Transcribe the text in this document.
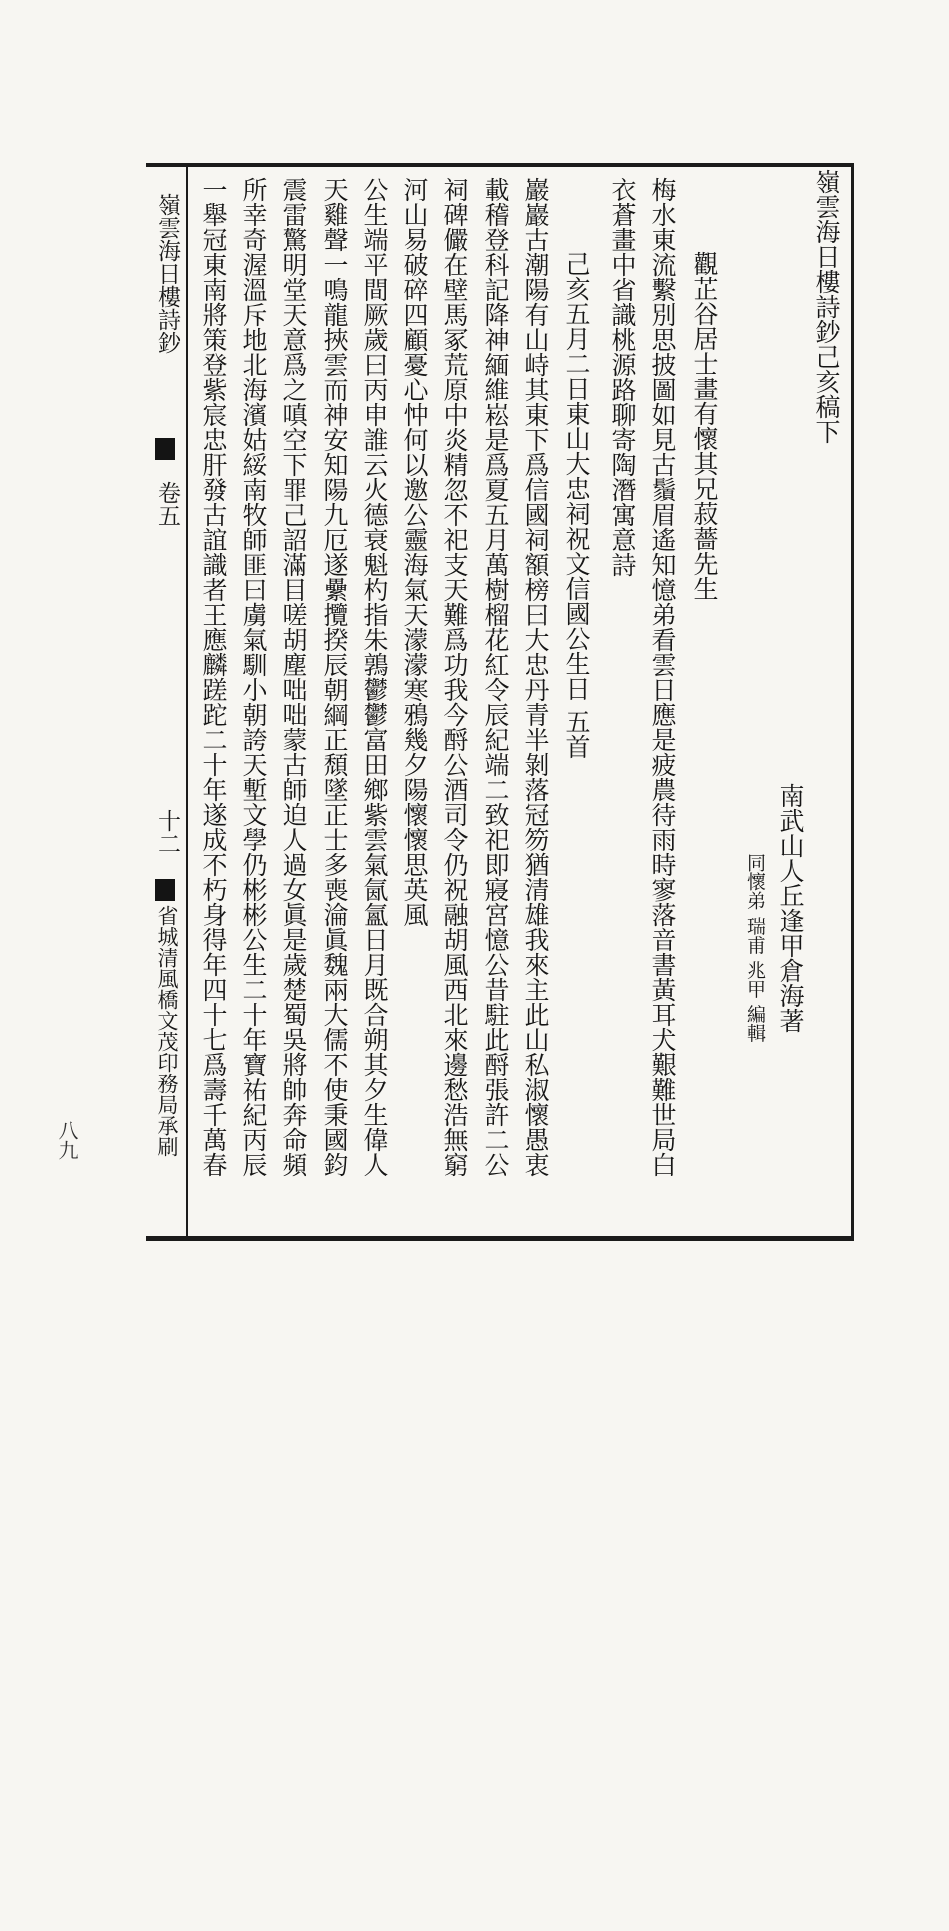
嶺雲海日樓詩鈔己亥稿下
南武山人丘逢甲倉海著
同懷弟 瑞甫 兆甲 編輯
觀芷谷居士畫有懷其兄菽薔先生
梅水東流繫別思披圖如見古鬚眉遙知憶弟看雲日應是疲農待雨時寥落音書黃耳犬艱難世局白
衣蒼畫中省識桃源路聊寄陶潛寓意詩
己亥五月二日東山大忠祠祝文信國公生日 五首
巖巖古潮陽有山峙其東下爲信國祠額榜曰大忠丹青半剝落冠笏猶清雄我來主此山私淑懷愚衷
載稽登科記降神緬維崧是爲夏五月萬樹榴花紅令辰紀端二致祀即寢宮憶公昔駐此酹張許二公
祠碑儼在壁馬冢荒原中炎精忽不祀支天難爲功我今酹公酒司令仍祝融胡風西北來邊愁浩無窮
河山易破碎四顧憂心忡何以邀公靈海氣天濛濛寒鴉幾夕陽懷懷思英風
公生端平間厥歲曰丙申誰云火德衰魁杓指朱鶉鬱鬱富田鄉紫雲氣氤氳日月既合朔其夕生偉人
天雞聲一鳴龍挾雲而神安知陽九厄遂纍攬揆辰朝綱正頹墜正士多喪淪眞魏兩大儒不使秉國鈞
震雷驚明堂天意爲之嗔空下罪己詔滿目嗟胡塵咄咄蒙古師迫人過女眞是歲楚蜀吳將帥奔命頻
所幸奇渥溫斥地北海濱姑綏南牧師匪曰虜氣馴小朝誇天塹文學仍彬彬公生二十年寶祐紀丙辰
一舉冠東南將策登紫宸忠肝發古誼識者王應麟蹉跎二十年遂成不朽身得年四十七爲壽千萬春
嶺雲海日樓詩鈔
卷五
十二
省城清風橋文茂印務局承刷
八九
